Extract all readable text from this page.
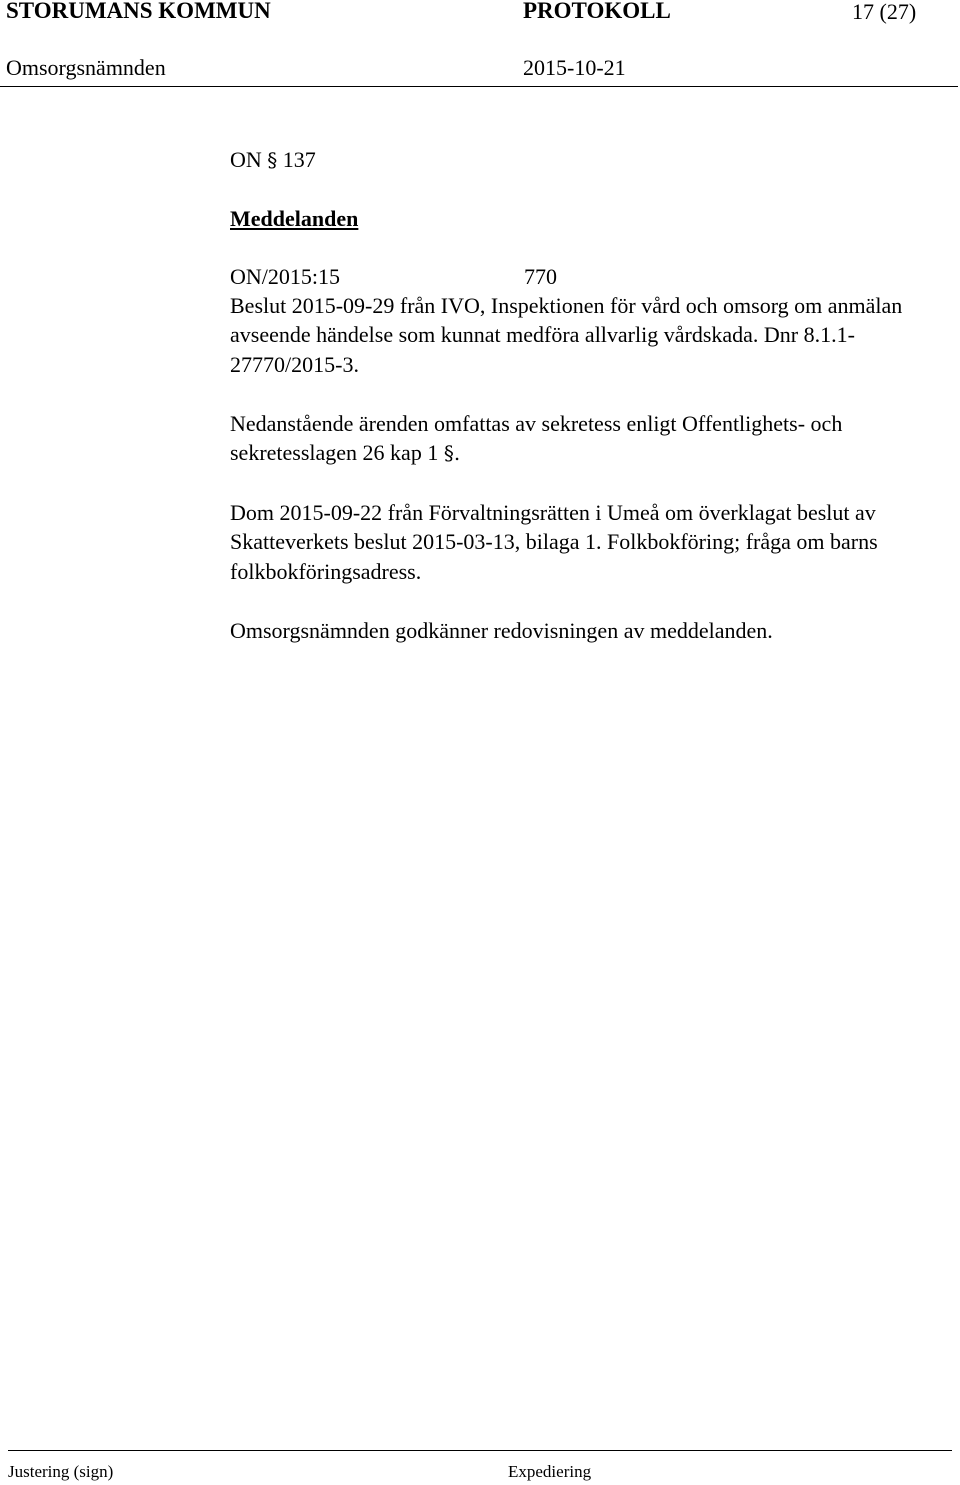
STORUMANS KOMMUN	PROTOKOLL	17 (27)
Omsorgsnämnden	2015-10-21
ON § 137
Meddelanden
ON/2015:15	770
Beslut 2015-09-29 från IVO, Inspektionen för vård och omsorg om anmälan avseende händelse som kunnat medföra allvarlig vårdskada. Dnr 8.1.1-27770/2015-3.
Nedanstående ärenden omfattas av sekretess enligt Offentlighets- och sekretesslagen 26 kap 1 §.
Dom 2015-09-22 från Förvaltningsrätten i Umeå om överklagat beslut av Skatteverkets beslut 2015-03-13, bilaga 1. Folkbokföring; fråga om barns folkbokföringsadress.
Omsorgsnämnden godkänner redovisningen av meddelanden.
Justering (sign)	Expediering
